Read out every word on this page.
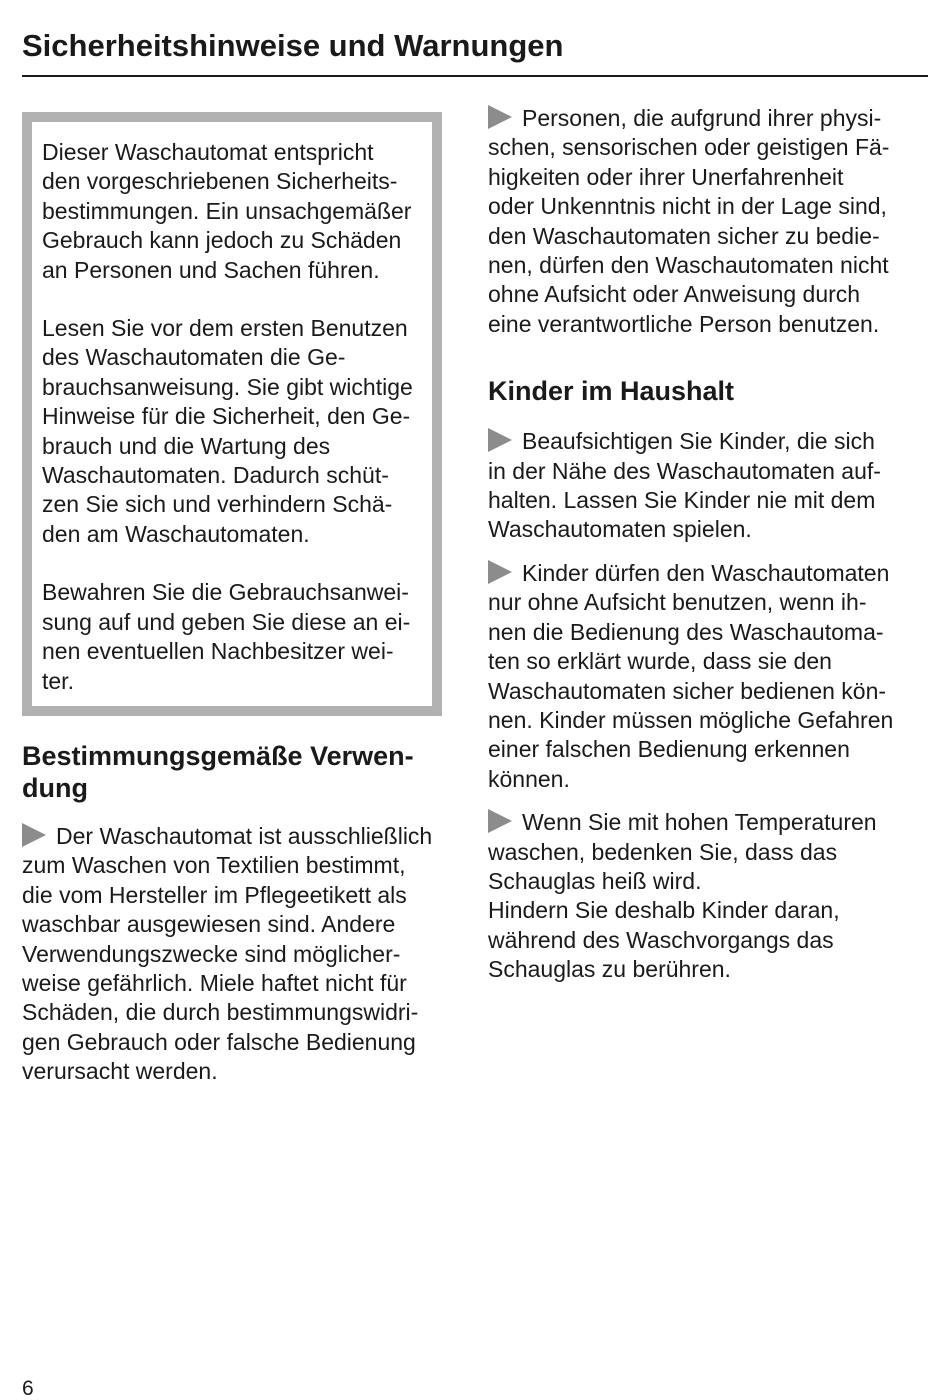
Sicherheitshinweise und Warnungen

Dieser Waschautomat entspricht
den vorgeschriebenen Sicherheits-
bestimmungen. Ein unsachgemäßer
Gebrauch kann jedoch zu Schäden
an Personen und Sachen führen.

Lesen Sie vor dem ersten Benutzen
des Waschautomaten die Ge-
brauchsanweisung. Sie gibt wichtige
Hinweise für die Sicherheit, den Ge-
brauch und die Wartung des
Waschautomaten. Dadurch schüt-
zen Sie sich und verhindern Schä-
den am Waschautomaten.

Bewahren Sie die Gebrauchsanwei-
sung auf und geben Sie diese an ei-
nen eventuellen Nachbesitzer wei-
ter.

Bestimmungsgemäße Verwen-
dung

Der Waschautomat ist ausschließlich
zum Waschen von Textilien bestimmt,
die vom Hersteller im Pflegeetikett als
waschbar ausgewiesen sind. Andere
Verwendungszwecke sind möglicher-
weise gefährlich. Miele haftet nicht für
Schäden, die durch bestimmungswidri-
gen Gebrauch oder falsche Bedienung
verursacht werden.

Personen, die aufgrund ihrer physi-
schen, sensorischen oder geistigen Fä-
higkeiten oder ihrer Unerfahrenheit
oder Unkenntnis nicht in der Lage sind,
den Waschautomaten sicher zu bedie-
nen, dürfen den Waschautomaten nicht
ohne Aufsicht oder Anweisung durch
eine verantwortliche Person benutzen.

Kinder im Haushalt

Beaufsichtigen Sie Kinder, die sich
in der Nähe des Waschautomaten auf-
halten. Lassen Sie Kinder nie mit dem
Waschautomaten spielen.

Kinder dürfen den Waschautomaten
nur ohne Aufsicht benutzen, wenn ih-
nen die Bedienung des Waschautoma-
ten so erklärt wurde, dass sie den
Waschautomaten sicher bedienen kön-
nen. Kinder müssen mögliche Gefahren
einer falschen Bedienung erkennen
können.

Wenn Sie mit hohen Temperaturen
waschen, bedenken Sie, dass das
Schauglas heiß wird.
Hindern Sie deshalb Kinder daran,
während des Waschvorgangs das
Schauglas zu berühren.

6
